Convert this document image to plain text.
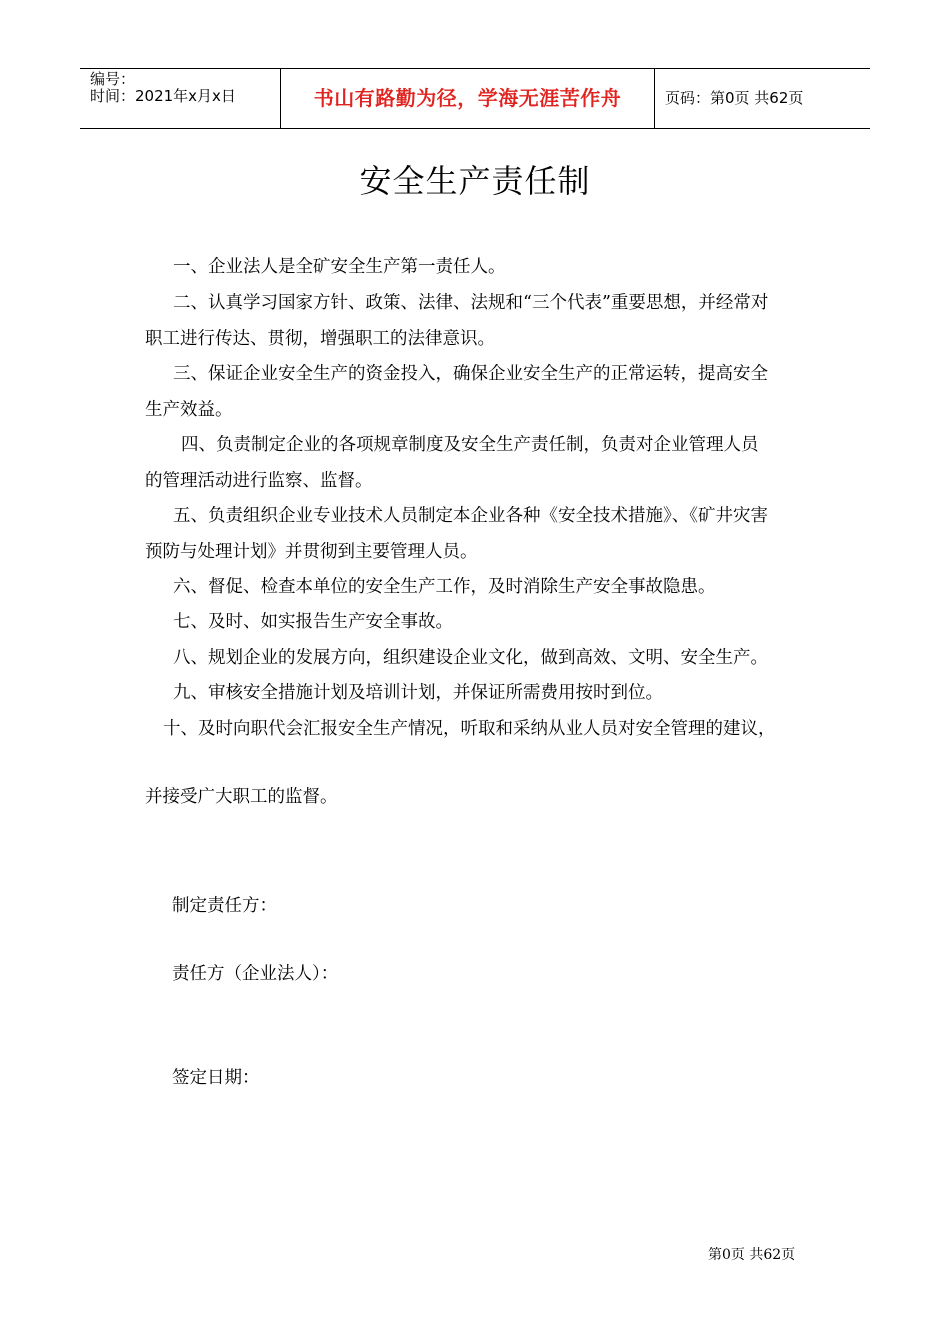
编号：
时间：2021年x月x日	书山有路勤为径，学海无涯苦作舟	页码：第0页 共62页
安全生产责任制
一、企业法人是全矿安全生产第一责任人。
二、认真学习国家方针、政策、法律、法规和“三个代表”重要思想，并经常对
职工进行传达、贯彻，增强职工的法律意识。
三、保证企业安全生产的资金投入，确保企业安全生产的正常运转，提高安全
生产效益。
四、负责制定企业的各项规章制度及安全生产责任制，负责对企业管理人员
的管理活动进行监察、监督。
五、负责组织企业专业技术人员制定本企业各种《安全技术措施》、《矿井灾害
预防与处理计划》并贯彻到主要管理人员。
六、督促、检查本单位的安全生产工作，及时消除生产安全事故隐患。
七、及时、如实报告生产安全事故。
八、规划企业的发展方向，组织建设企业文化，做到高效、文明、安全生产。
九、审核安全措施计划及培训计划，并保证所需费用按时到位。
十、及时向职代会汇报安全生产情况，听取和采纳从业人员对安全管理的建议，
并接受广大职工的监督。
制定责任方：
责任方（企业法人）：
签定日期：
第0页 共62页
